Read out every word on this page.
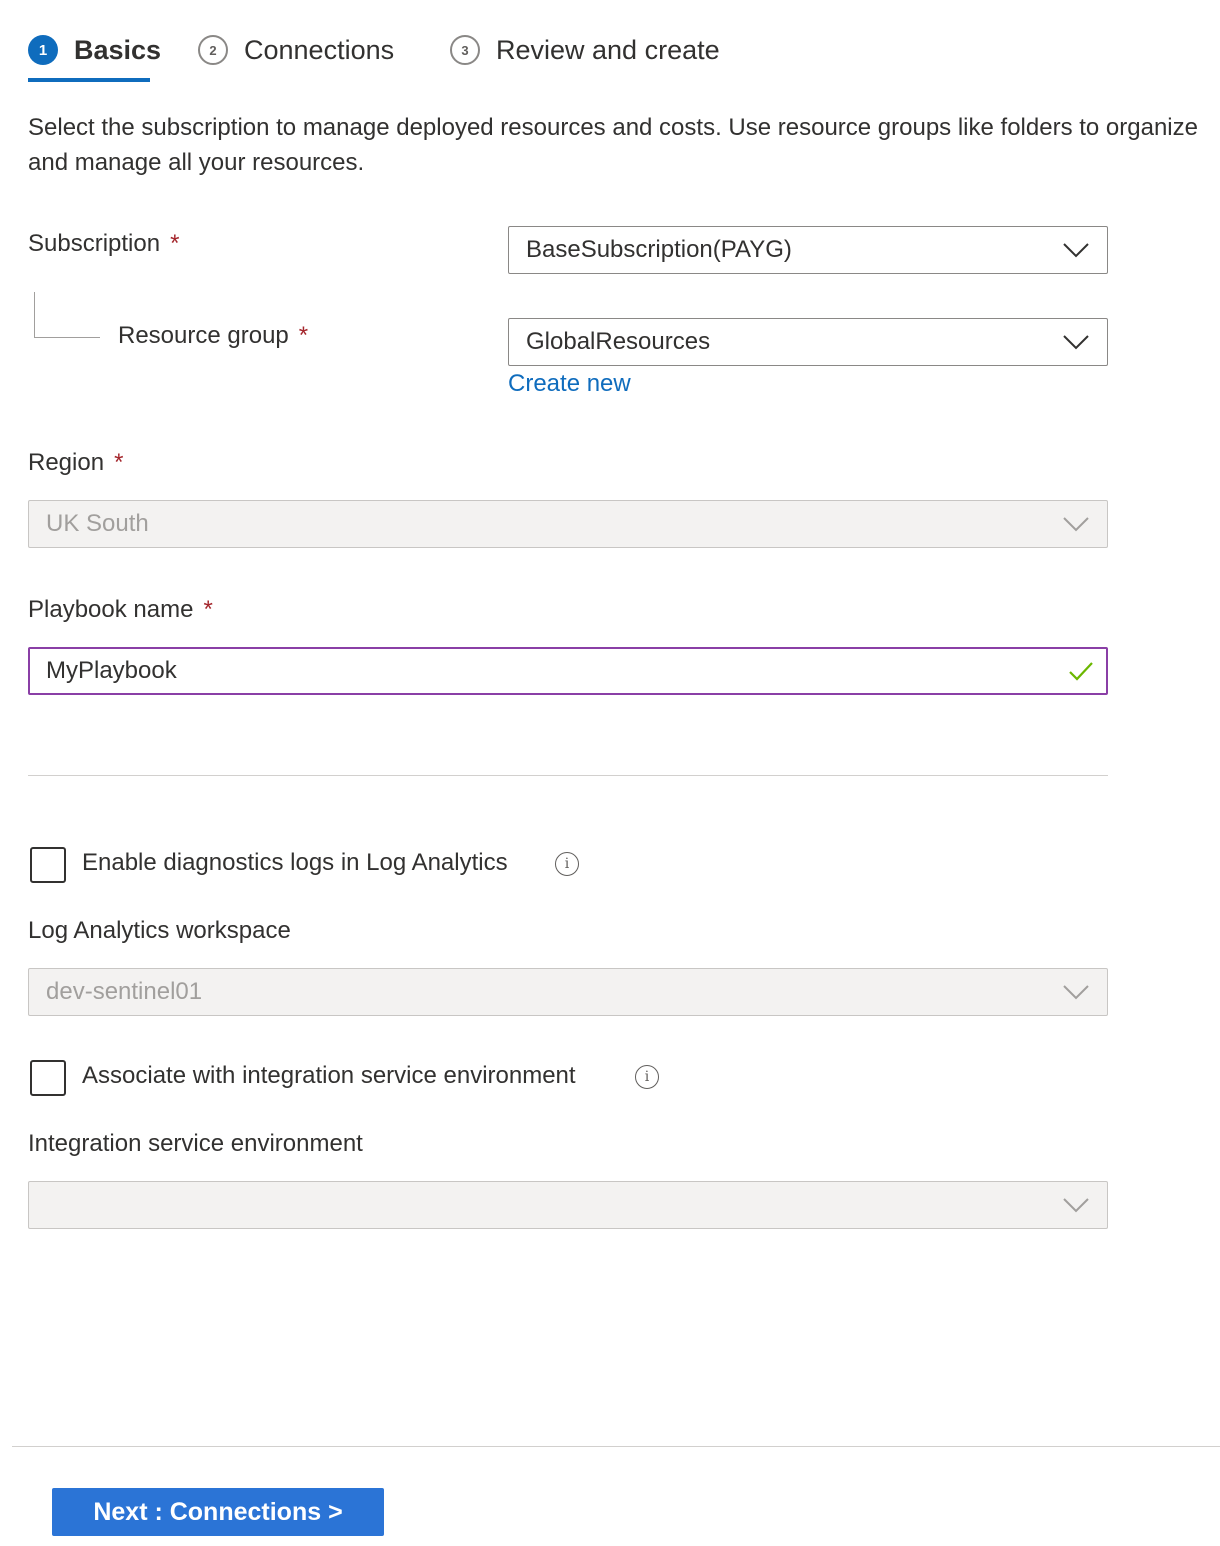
1 Basics	2	Connections	3	Review and create
Select the subscription to manage deployed resources and costs. Use resource groups like folders to organize and manage all your resources.
Subscription *	BaseSubscription(PAYG)
Resource group *	GlobalResources
Create new
Region *
UK South
Playbook name *
MyPlaybook
Enable diagnostics logs in Log Analytics	i
Log Analytics workspace
dev-sentinel01
Associate with integration service environment	i
Integration service environment
Next : Connections >
